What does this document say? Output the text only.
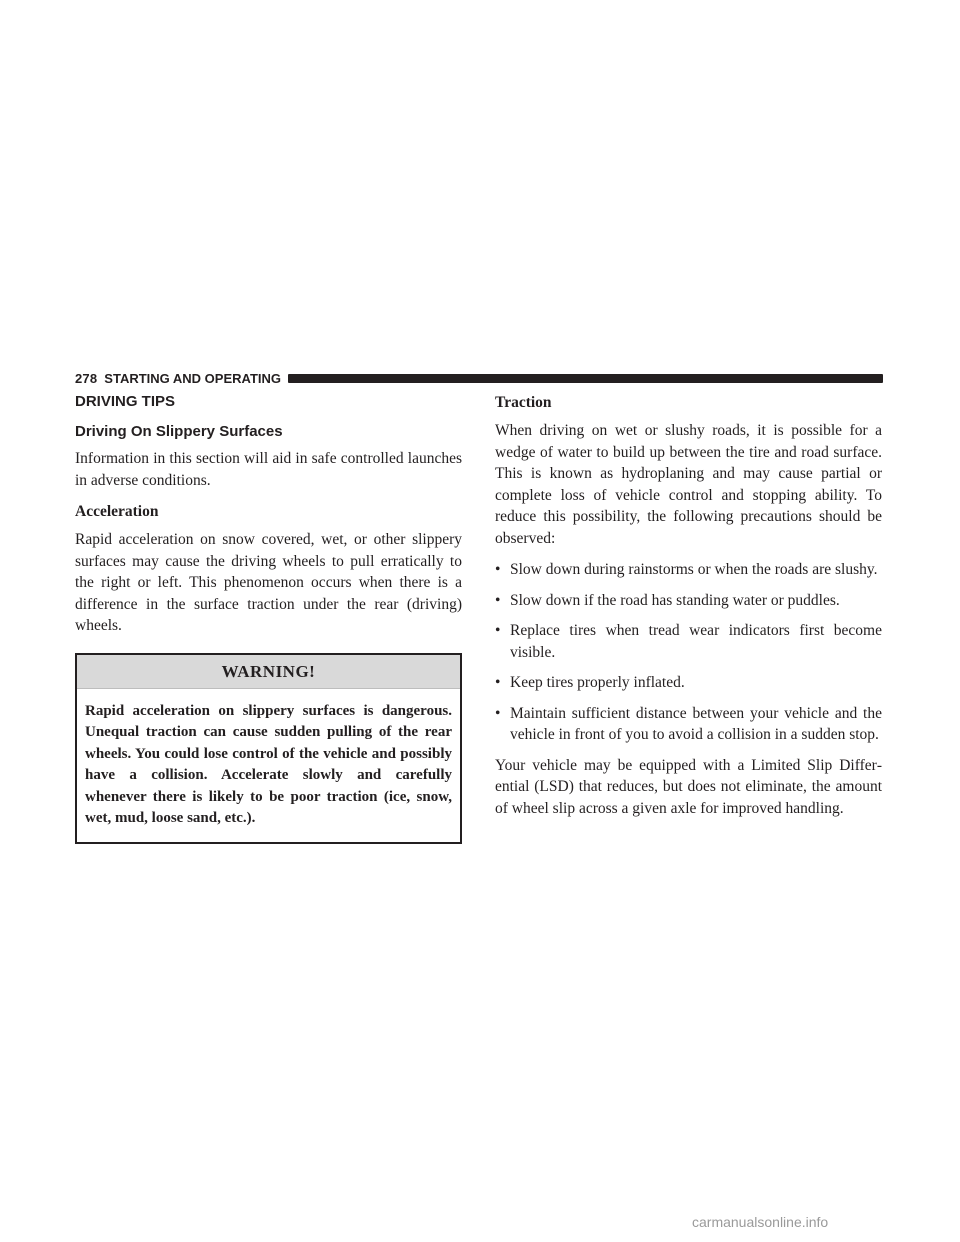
278 STARTING AND OPERATING
DRIVING TIPS
Driving On Slippery Surfaces

Information in this section will aid in safe controlled launches in adverse conditions.

Acceleration

Rapid acceleration on snow covered, wet, or other slippery surfaces may cause the driving wheels to pull erratically to the right or left. This phenomenon occurs when there is a difference in the surface traction under the rear (driving) wheels.

WARNING!
Rapid acceleration on slippery surfaces is dangerous. Unequal traction can cause sudden pulling of the rear wheels. You could lose control of the vehicle and possibly have a collision. Accelerate slowly and carefully whenever there is likely to be poor traction (ice, snow, wet, mud, loose sand, etc.).
Traction

When driving on wet or slushy roads, it is possible for a wedge of water to build up between the tire and road surface. This is known as hydroplaning and may cause partial or complete loss of vehicle control and stopping ability. To reduce this possibility, the following precautions should be observed:

• Slow down during rainstorms or when the roads are slushy.
• Slow down if the road has standing water or puddles.
• Replace tires when tread wear indicators first become visible.
• Keep tires properly inflated.
• Maintain sufficient distance between your vehicle and the vehicle in front of you to avoid a collision in a sudden stop.

Your vehicle may be equipped with a Limited Slip Differential (LSD) that reduces, but does not eliminate, the amount of wheel slip across a given axle for improved handling.

carmanualsonline.info
